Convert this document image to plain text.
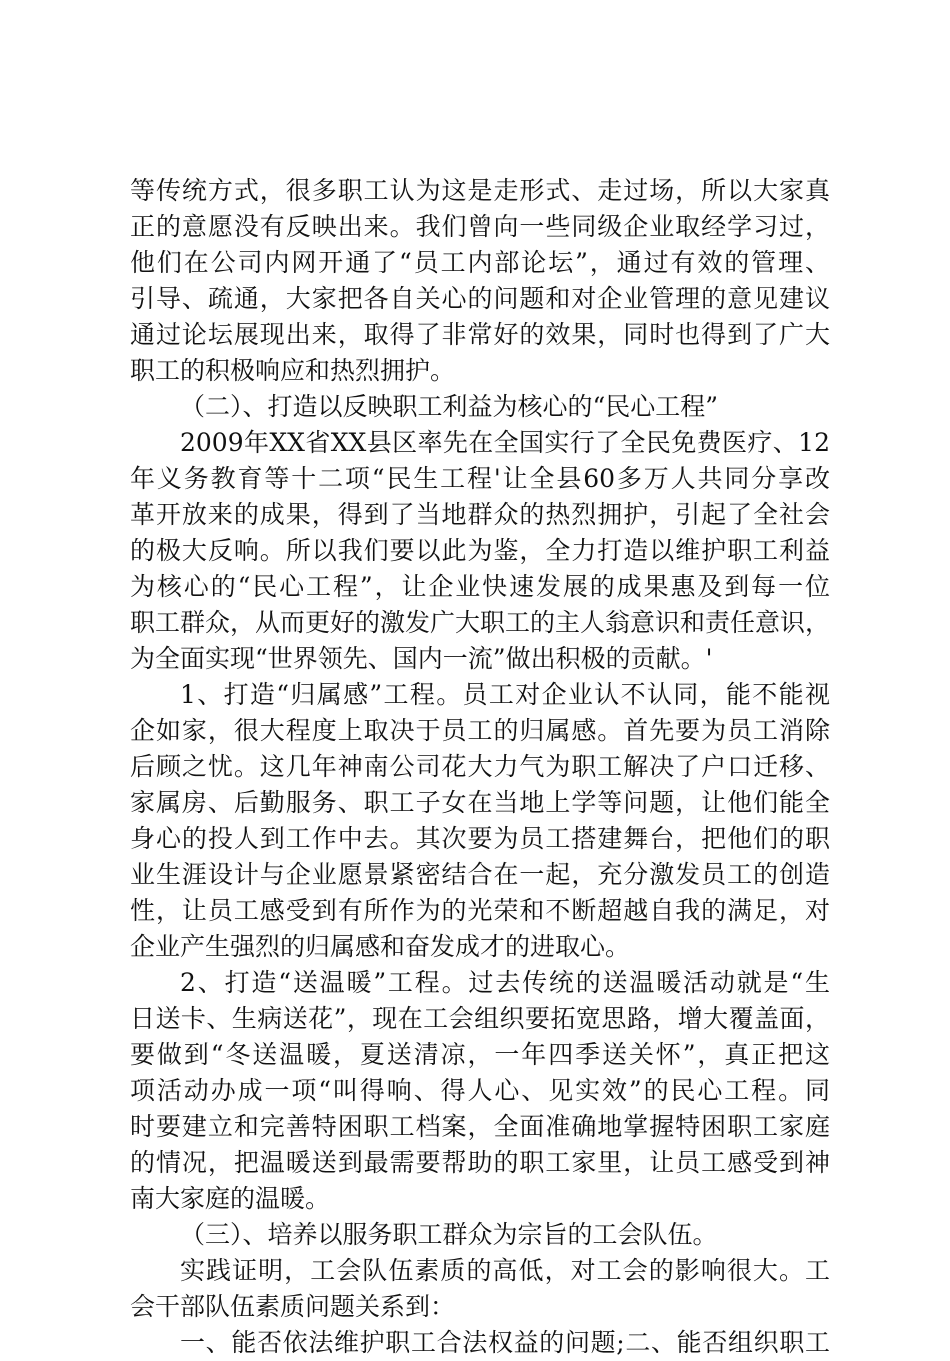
等传统方式，很多职工认为这是走形式、走过场，所以大家真
正的意愿没有反映出来。我们曾向一些同级企业取经学习过，
他们在公司内网开通了“员工内部论坛”，通过有效的管理、
引导、疏通，大家把各自关心的问题和对企业管理的意见建议
通过论坛展现出来，取得了非常好的效果，同时也得到了广大
职工的积极响应和热烈拥护。
（二）、打造以反映职工利益为核心的“民心工程”
2009年XX省XX县区率先在全国实行了全民免费医疗、12
年义务教育等十二项“民生工程'让全县60多万人共同分享改
革开放来的成果，得到了当地群众的热烈拥护，引起了全社会
的极大反响。所以我们要以此为鉴，全力打造以维护职工利益
为核心的“民心工程”，让企业快速发展的成果惠及到每一位
职工群众，从而更好的激发广大职工的主人翁意识和责任意识，
为全面实现“世界领先、国内一流”做出积极的贡献。'
1、打造“归属感”工程。员工对企业认不认同，能不能视
企如家，很大程度上取决于员工的归属感。首先要为员工消除
后顾之忧。这几年神南公司花大力气为职工解决了户口迁移、
家属房、后勤服务、职工子女在当地上学等问题，让他们能全
身心的投人到工作中去。其次要为员工搭建舞台，把他们的职
业生涯设计与企业愿景紧密结合在一起，充分激发员工的创造
性，让员工感受到有所作为的光荣和不断超越自我的满足，对
企业产生强烈的归属感和奋发成才的进取心。
2、打造“送温暖”工程。过去传统的送温暖活动就是“生
日送卡、生病送花”，现在工会组织要拓宽思路，增大覆盖面，
要做到“冬送温暖，夏送清凉，一年四季送关怀”，真正把这
项活动办成一项“叫得响、得人心、见实效”的民心工程。同
时要建立和完善特困职工档案，全面准确地掌握特困职工家庭
的情况，把温暖送到最需要帮助的职工家里，让员工感受到神
南大家庭的温暖。
（三）、培养以服务职工群众为宗旨的工会队伍。
实践证明，工会队伍素质的高低，对工会的影响很大。工
会干部队伍素质问题关系到：
一、能否依法维护职工合法权益的问题;二、能否组织职工
